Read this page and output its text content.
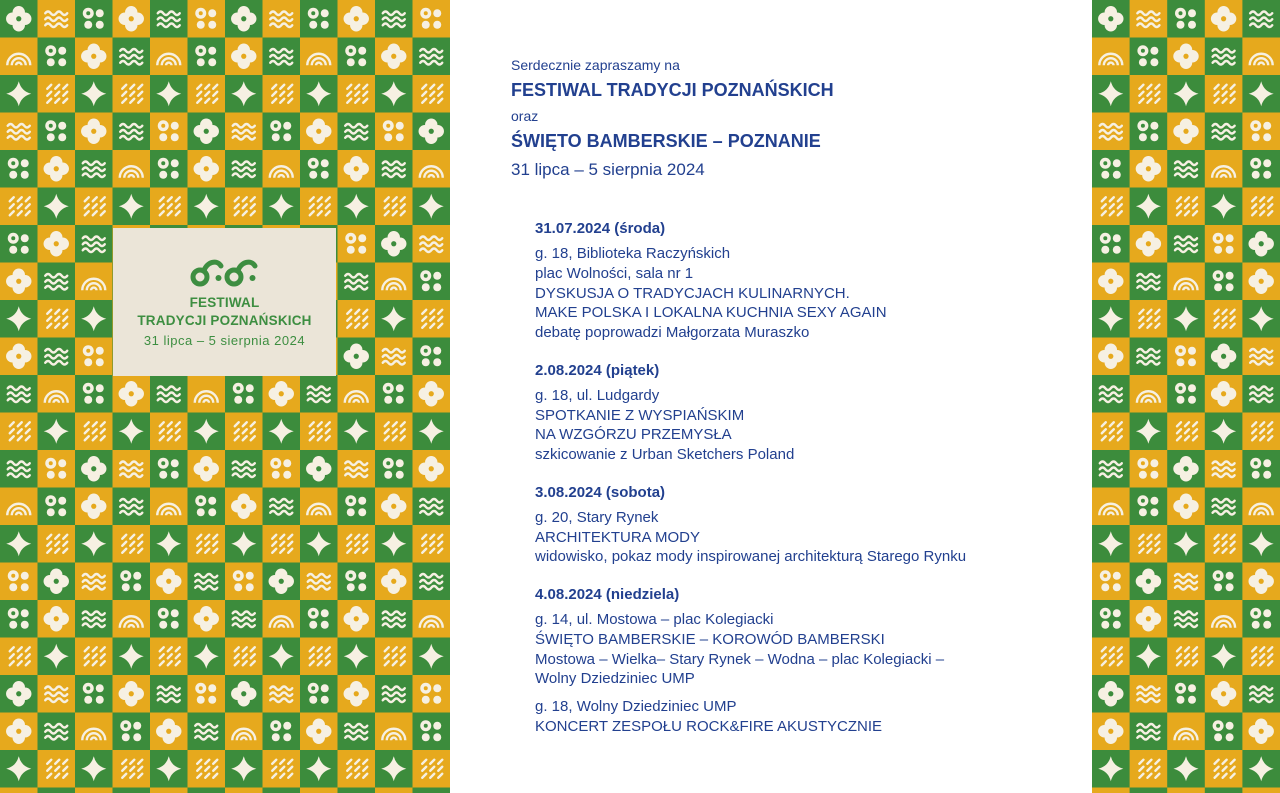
FESTIWAL
TRADYCJI POZNAŃSKICH
31 lipca – 5 sierpnia 2024
Serdecznie zapraszamy na
FESTIWAL TRADYCJI POZNAŃSKICH
oraz
ŚWIĘTO BAMBERSKIE – POZNANIE
31 lipca – 5 sierpnia 2024
31.07.2024 (środa)
g. 18, Biblioteka Raczyńskich
plac Wolności, sala nr 1
DYSKUSJA O TRADYCJACH KULINARNYCH.
MAKE POLSKA I LOKALNA KUCHNIA SEXY AGAIN
debatę poprowadzi Małgorzata Muraszko
2.08.2024 (piątek)
g. 18, ul. Ludgardy
SPOTKANIE Z WYSPIAŃSKIM
NA WZGÓRZU PRZEMYSŁA
szkicowanie z Urban Sketchers Poland
3.08.2024 (sobota)
g. 20, Stary Rynek
ARCHITEKTURA MODY
widowisko, pokaz mody inspirowanej architekturą Starego Rynku
4.08.2024 (niedziela)
g. 14, ul. Mostowa – plac Kolegiacki
ŚWIĘTO BAMBERSKIE – KOROWÓD BAMBERSKI
Mostowa – Wielka– Stary Rynek – Wodna – plac Kolegiacki –
Wolny Dziedziniec UMP
g. 18, Wolny Dziedziniec UMP
KONCERT ZESPOŁU ROCK&FIRE AKUSTYCZNIE
